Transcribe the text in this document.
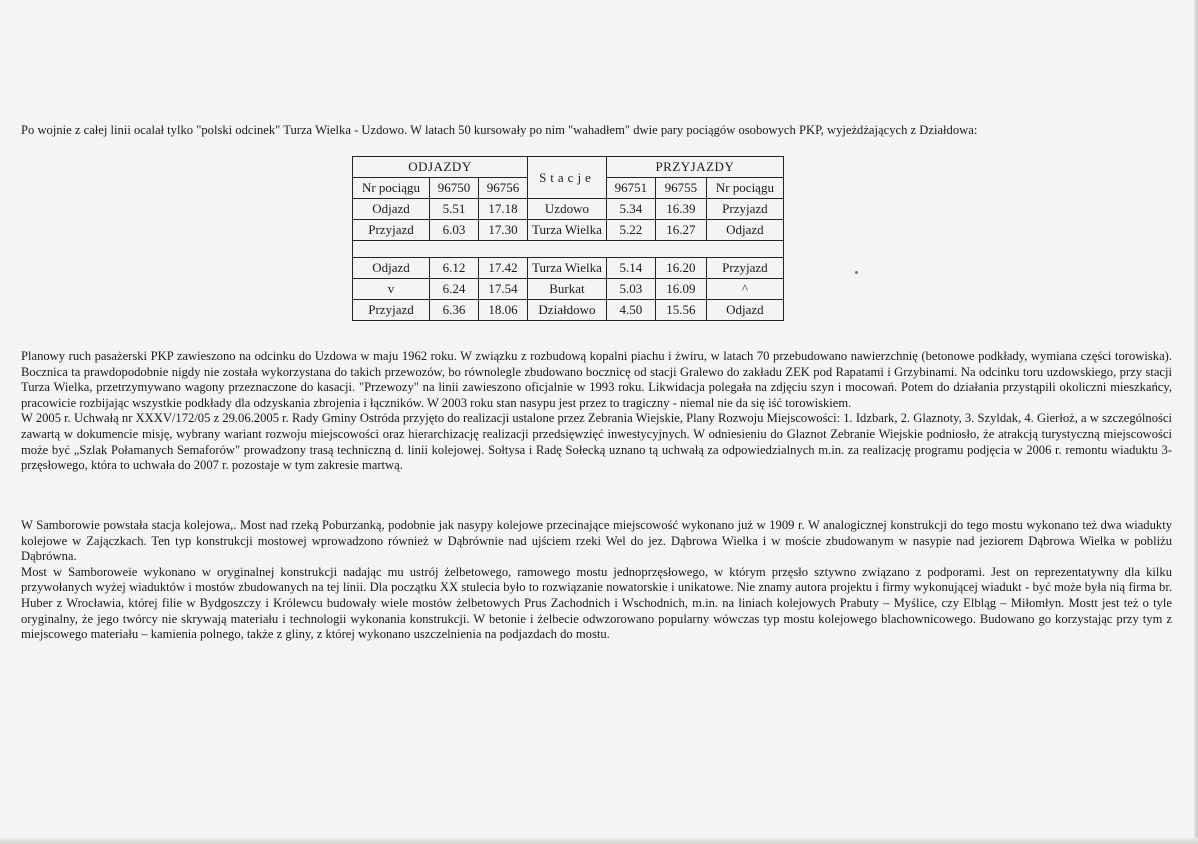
Po wojnie z całej linii ocalał tylko "polski odcinek" Turza Wielka - Uzdowo. W latach 50 kursowały po nim "wahadłem" dwie pary pociągów osobowych PKP, wyjeżdżających z Działdowa:
ODJAZDY			Stacje	PRZYJAZDY		
Nr pociągu	96750	96756		96751	96755	Nr pociągu
Odjazd	5.51	17.18	Uzdowo	5.34	16.39	Przyjazd
Przyjazd	6.03	17.30	Turza Wielka	5.22	16.27	Odjazd

Odjazd	6.12	17.42	Turza Wielka	5.14	16.20	Przyjazd
v	6.24	17.54	Burkat	5.03	16.09	^
Przyjazd	6.36	18.06	Działdowo	4.50	15.56	Odjazd

Planowy ruch pasażerski PKP zawieszono na odcinku do Uzdowa w maju 1962 roku. W związku z rozbudową kopalni piachu i żwiru, w latach 70 przebudowano nawierzchnię (betonowe podkłady, wymiana części torowiska). Bocznica ta prawdopodobnie nigdy nie została wykorzystana do takich przewozów, bo równolegle zbudowano bocznicę od stacji Gralewo do zakładu ZEK pod Rapatami i Grzybinami. Na odcinku toru uzdowskiego, przy stacji Turza Wielka, przetrzymywano wagony przeznaczone do kasacji. "Przewozy" na linii zawieszono oficjalnie w 1993 roku. Likwidacja polegała na zdjęciu szyn i mocowań. Potem do działania przystąpili okoliczni mieszkańcy, pracowicie rozbijając wszystkie podkłady dla odzyskania zbrojenia i łączników. W 2003 roku stan nasypu jest przez to tragiczny - niemal nie da się iść torowiskiem.

W 2005 r. Uchwałą nr XXXV/172/05 z 29.06.2005 r. Rady Gminy Ostróda przyjęto do realizacji ustalone przez Zebrania Wiejskie, Plany Rozwoju Miejscowości: 1. Idzbark, 2. Glaznoty, 3. Szyldak, 4. Gierłoż, a w szczególności zawartą w dokumencie misję, wybrany wariant rozwoju miejscowości oraz hierarchizację realizacji przedsięwzięć inwestycyjnych. W odniesieniu do Glaznot Zebranie Wiejskie podniosło, że atrakcją turystyczną miejscowości może być „Szlak Połamanych Semaforów" prowadzony trasą techniczną d. linii kolejowej. Sołtysa i Radę Sołecką uznano tą uchwałą za odpowiedzialnych m.in. za realizację programu podjęcia w 2006 r. remontu wiaduktu 3-przęsłowego, która to uchwała do 2007 r. pozostaje w tym zakresie martwą.

W Samborowie powstała stacja kolejowa,. Most nad rzeką Poburzanką, podobnie jak nasypy kolejowe przecinające miejscowość wykonano już w 1909 r. W analogicznej konstrukcji do tego mostu wykonano też dwa wiadukty kolejowe w Zajączkach. Ten typ konstrukcji mostowej wprowadzono również w Dąbrównie nad ujściem rzeki Wel do jez. Dąbrowa Wielka i w moście zbudowanym w nasypie nad jeziorem Dąbrowa Wielka w pobliżu Dąbrówna.

Most w Samboroweie wykonano w oryginalnej konstrukcji nadając mu ustrój żelbetowego, ramowego mostu jednoprzęsłowego, w którym przęsło sztywno związano z podporami. Jest on reprezentatywny dla kilku przywołanych wyżej wiaduktów i mostów zbudowanych na tej linii. Dla początku XX stulecia było to rozwiązanie nowatorskie i unikatowe. Nie znamy autora projektu i firmy wykonującej wiadukt - być może była nią firma br. Huber z Wrocławia, której filie w Bydgoszczy i Królewcu budowały wiele mostów żelbetowych Prus Zachodnich i Wschodnich, m.in. na liniach kolejowych Prabuty – Myślice, czy Elbląg – Miłomłyn. Mostt jest też o tyle oryginalny, że jego twórcy nie skrywają materiału i technologii wykonania konstrukcji. W betonie i żelbecie odwzorowano popularny wówczas typ mostu kolejowego blachownicowego. Budowano go korzystając przy tym z miejscowego materiału – kamienia polnego, także z gliny, z której wykonano uszczelnienia na podjazdach do mostu.
